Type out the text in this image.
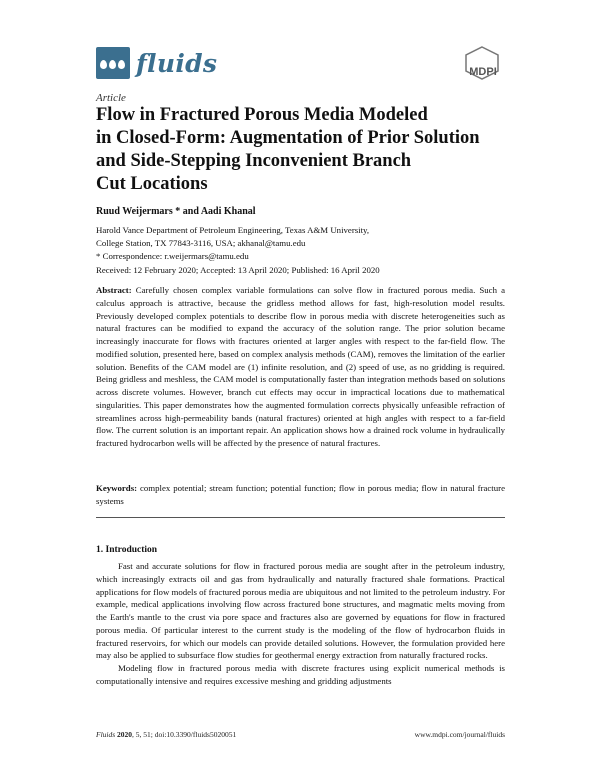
fluids	MDPI
Article
Flow in Fractured Porous Media Modeled
in Closed-Form: Augmentation of Prior Solution
and Side-Stepping Inconvenient Branch
Cut Locations
Ruud Weijermars * and Aadi Khanal
Harold Vance Department of Petroleum Engineering, Texas A&M University,
College Station, TX 77843-3116, USA; akhanal@tamu.edu
* Correspondence: r.weijermars@tamu.edu
Received: 12 February 2020; Accepted: 13 April 2020; Published: 16 April 2020
Abstract: Carefully chosen complex variable formulations can solve flow in fractured porous media. Such a calculus approach is attractive, because the gridless method allows for fast, high-resolution model results. Previously developed complex potentials to describe flow in porous media with discrete heterogeneities such as natural fractures can be modified to expand the accuracy of the solution range. The prior solution became increasingly inaccurate for flows with fractures oriented at larger angles with respect to the far-field flow. The modified solution, presented here, based on complex analysis methods (CAM), removes the limitation of the earlier solution. Benefits of the CAM model are (1) infinite resolution, and (2) speed of use, as no gridding is required. Being gridless and meshless, the CAM model is computationally faster than integration methods based on solutions across discrete volumes. However, branch cut effects may occur in impractical locations due to mathematical singularities. This paper demonstrates how the augmented formulation corrects physically unfeasible refraction of streamlines across high-permeability bands (natural fractures) oriented at high angles with respect to a far-field flow. The current solution is an important repair. An application shows how a drained rock volume in hydraulically fractured hydrocarbon wells will be affected by the presence of natural fractures.
Keywords: complex potential; stream function; potential function; flow in porous media; flow in natural fracture systems
1. Introduction

Fast and accurate solutions for flow in fractured porous media are sought after in the petroleum industry, which increasingly extracts oil and gas from hydraulically and naturally fractured shale formations. Practical applications for flow models of fractured porous media are ubiquitous and not limited to the petroleum industry. For example, medical applications involving flow across fractured bone structures, and magmatic melts moving from the Earth's mantle to the crust via pore space and fractures also are governed by equations for flow in fractured porous media. Of particular interest to the current study is the modeling of the flow of hydrocarbon fluids in fractured reservoirs, for which our models can provide detailed solutions. However, the formulation provided here may also be applied to subsurface flow studies for geothermal energy extraction from naturally fractured rocks.

Modeling flow in fractured porous media with discrete fractures using explicit numerical methods is computationally intensive and requires excessive meshing and gridding adjustments

Fluids 2020, 5, 51; doi:10.3390/fluids5020051	www.mdpi.com/journal/fluids
